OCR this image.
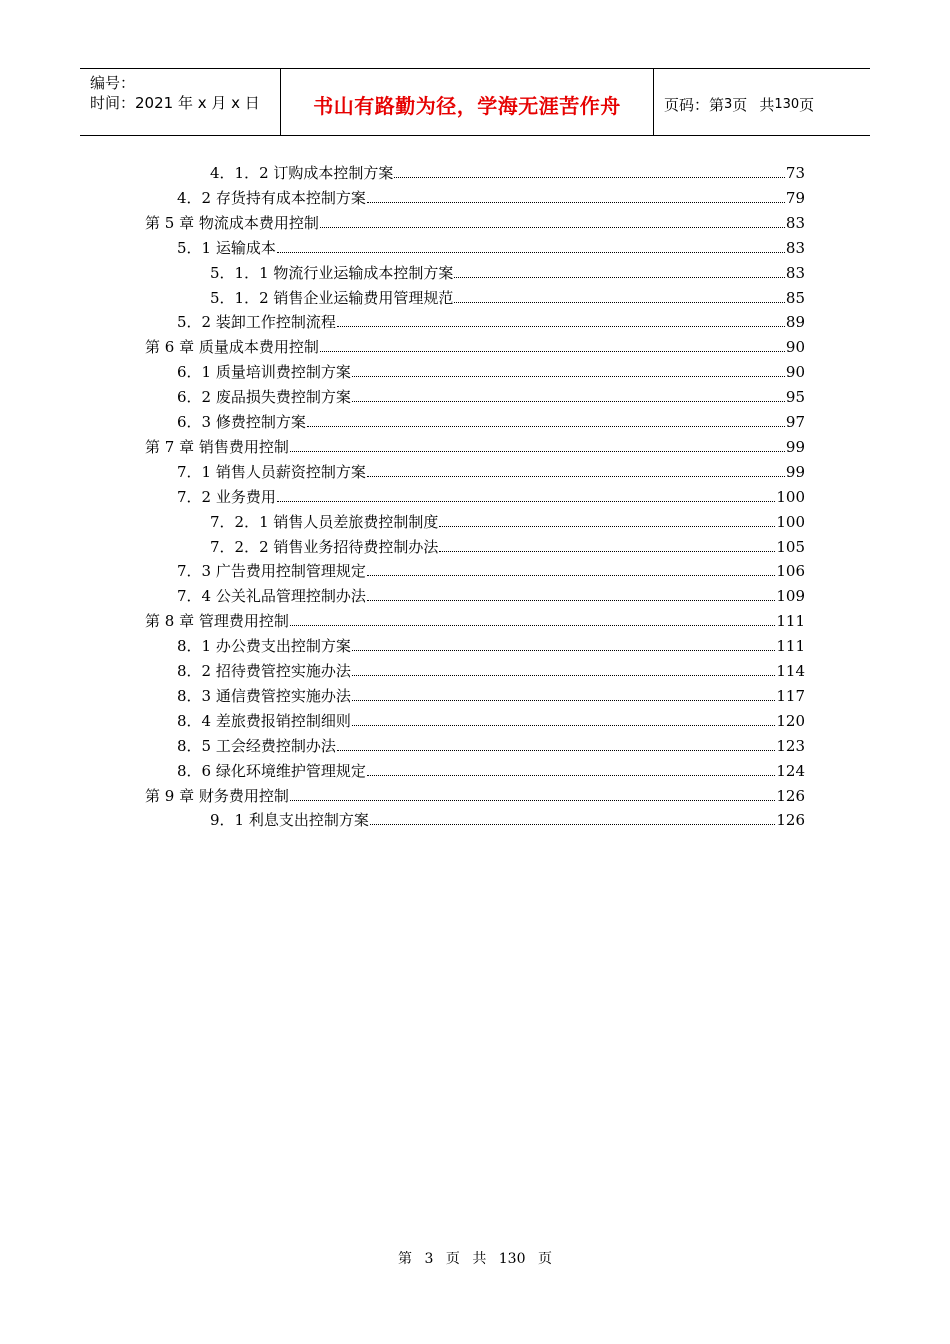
编号：
时间：2021 年 x 月 x 日	书山有路勤为径，学海无涯苦作舟	页码：第 3 页 共 130 页
4．1．2 订购成本控制方案	73
4．2 存货持有成本控制方案	79
第 5 章 物流成本费用控制	83
5．1 运输成本	83
5．1．1 物流行业运输成本控制方案	83
5．1．2 销售企业运输费用管理规范	85
5．2 装卸工作控制流程	89
第 6 章 质量成本费用控制	90
6．1 质量培训费控制方案	90
6．2 废品损失费控制方案	95
6．3 修费控制方案	97
第 7 章 销售费用控制	99
7．1 销售人员薪资控制方案	99
7．2 业务费用	100
7．2．1 销售人员差旅费控制制度	100
7．2．2 销售业务招待费控制办法	105
7．3 广告费用控制管理规定	106
7．4 公关礼品管理控制办法	109
第 8 章 管理费用控制	111
8．1 办公费支出控制方案	111
8．2 招待费管控实施办法	114
8．3 通信费管控实施办法	117
8．4 差旅费报销控制细则	120
8．5 工会经费控制办法	123
8．6 绿化环境维护管理规定	124
第 9 章 财务费用控制	126
9．1 利息支出控制方案	126
第 3 页 共 130 页
